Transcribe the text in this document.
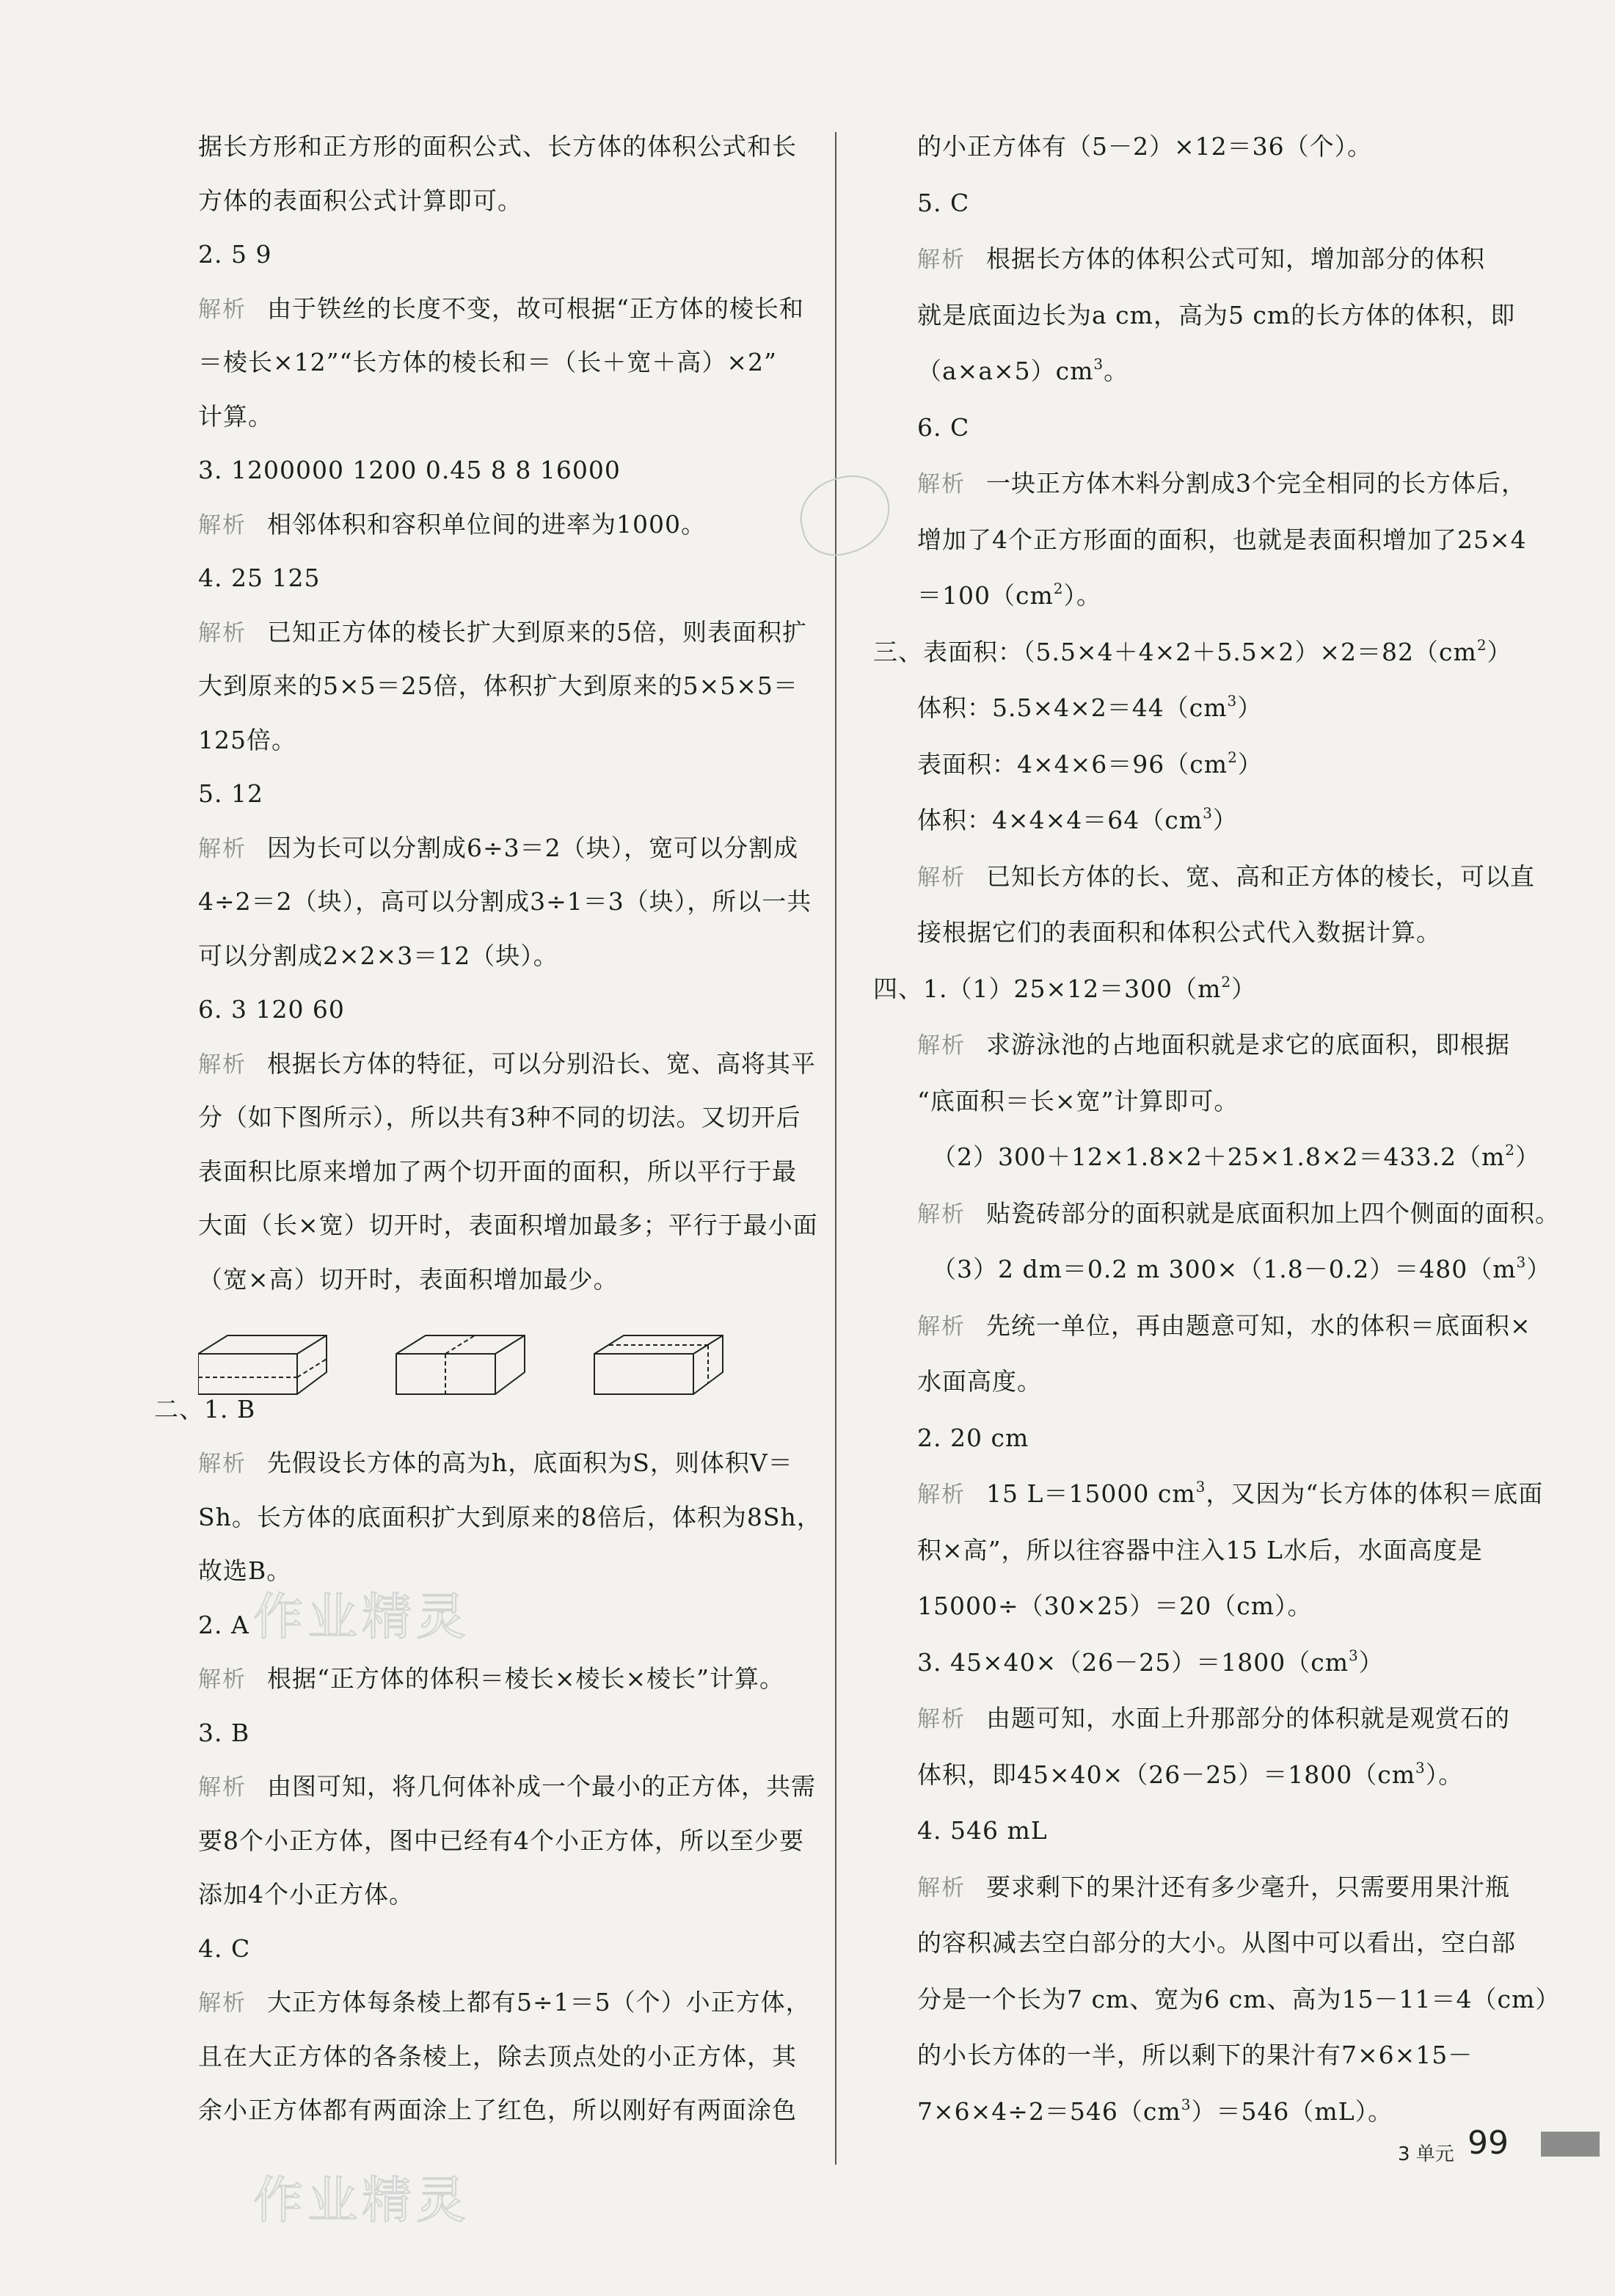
据长方形和正方形的面积公式、长方体的体积公式和长
方体的表面积公式计算即可。
2. 5 9
解析 由于铁丝的长度不变，故可根据“正方体的棱长和
＝棱长×12”“长方体的棱长和＝（长＋宽＋高）×2”
计算。
3. 1200000 1200 0.45 8 8 16000
解析 相邻体积和容积单位间的进率为1000。
4. 25 125
解析 已知正方体的棱长扩大到原来的5倍，则表面积扩
大到原来的5×5＝25倍，体积扩大到原来的5×5×5＝
125倍。
5. 12
解析 因为长可以分割成6÷3＝2（块），宽可以分割成
4÷2＝2（块），高可以分割成3÷1＝3（块），所以一共
可以分割成2×2×3＝12（块）。
6. 3 120 60
解析 根据长方体的特征，可以分别沿长、宽、高将其平
分（如下图所示），所以共有3种不同的切法。又切开后
表面积比原来增加了两个切开面的面积，所以平行于最
大面（长×宽）切开时，表面积增加最多；平行于最小面
（宽×高）切开时，表面积增加最少。
二、1. B
解析 先假设长方体的高为h，底面积为S，则体积V＝
Sh。长方体的底面积扩大到原来的8倍后，体积为8Sh，
故选B。
2. A
解析 根据“正方体的体积＝棱长×棱长×棱长”计算。
3. B
解析 由图可知，将几何体补成一个最小的正方体，共需
要8个小正方体，图中已经有4个小正方体，所以至少要
添加4个小正方体。
4. C
解析 大正方体每条棱上都有5÷1＝5（个）小正方体，
且在大正方体的各条棱上，除去顶点处的小正方体，其
余小正方体都有两面涂上了红色，所以刚好有两面涂色
的小正方体有（5－2）×12＝36（个）。
5. C
解析 根据长方体的体积公式可知，增加部分的体积
就是底面边长为a cm，高为5 cm的长方体的体积，即
$(a\times a\times 5)cm^3$。
6. C
解析 一块正方体木料分割成3个完全相同的长方体后，
增加了4个正方形面的面积，也就是表面积增加了25×4
$=100(cm^2)$。
三、表面积：$(5.5\times 4+4\times 2+5.5\times 2)\times 2=82(cm^2)$
体积：$5.5\times 4\times 2=44(cm^3)$
表面积：$4\times 4\times 6=96(cm^2)$
体积：$4\times 4\times 4=64(cm^3)$
解析 已知长方体的长、宽、高和正方体的棱长，可以直
接根据它们的表面积和体积公式代入数据计算。
四、$1.(1)25\times 12=300(m^2)$
解析 求游泳池的占地面积就是求它的底面积，即根据
“底面积＝长×宽”计算即可。
$(2)300+12\times 1.8\times 2+25\times 1.8\times 2=433.2(m^2)$
解析 贴瓷砖部分的面积就是底面积加上四个侧面的面积。
（3）2 dm＝0.2 m $300\times(1.8-0.2)=480(m^3)$
解析 先统一单位，再由题意可知，水的体积＝底面积×
水面高度。
2. 20 cm
解析 15 L＝15000 $cm^3$，又因为“长方体的体积＝底面
积×高”，所以往容器中注入15 L水后，水面高度是
15000÷（30×25）＝20（cm）。
3. $45\times 40\times(26-25)=1800(cm^3)$
解析 由题可知，水面上升那部分的体积就是观赏石的
体积，即$45\times 40\times(26-25)=1800(cm^3)$。
4. 546 mL
解析 要求剩下的果汁还有多少毫升，只需要用果汁瓶
的容积减去空白部分的大小。从图中可以看出，空白部
分是一个长为7 cm、宽为6 cm、高为15－11＝4（cm）
的小长方体的一半，所以剩下的果汁有7×6×15－
$7\times 6\times 4\div 2=546(cm^3)=546(mL)$。
作业精灵
作业精灵
3 单元 99
